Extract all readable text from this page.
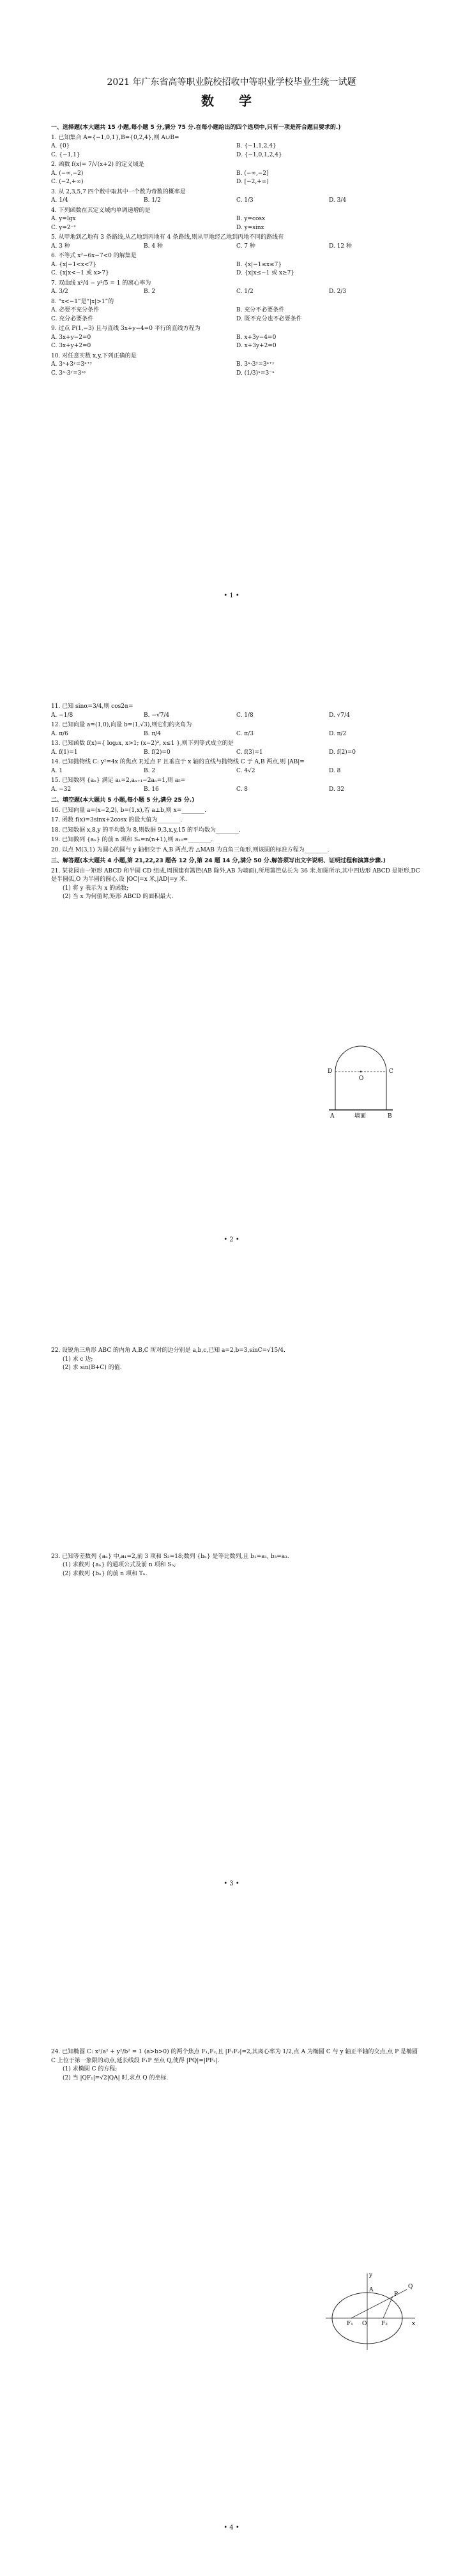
2021 年广东省高等职业院校招收中等职业学校毕业生统一试题
数 学
一、选择题(本大题共 15 小题,每小题 5 分,满分 75 分.在每小题给出的四个选项中,只有一项是符合题目要求的.)
1. 已知集合 A={−1,0,1},B={0,2,4},则 A∪B=
A. {0}	B. {−1,1,2,4}
C. {−1,1}	D. {−1,0,1,2,4}
2. 函数 f(x)= 7/√(x+2) 的定义域是
A. (−∞,−2)	B. (−∞,−2]
C. (−2,+∞)	D. [−2,+∞)
3. 从 2,3,5,7 四个数中取其中一个数为奇数的概率是
A. 1/4	B. 1/2	C. 1/3	D. 3/4
4. 下列函数在其定义域内单调递增的是
A. y=lgx	B. y=cosx
C. y=2⁻ˣ	D. y=sinx
5. 从甲地到乙地有 3 条路线,从乙地到丙地有 4 条路线,则从甲地经乙地到丙地不同的路线有
A. 3 种	B. 4 种	C. 7 种	D. 12 种
6. 不等式 x²−6x−7<0 的解集是
A. {x|−1<x<7}	B. {x|−1≤x≤7}
C. {x|x<−1 或 x>7}	D. {x|x≤−1 或 x≥7}
7. 双曲线 x²/4 − y²/5 = 1 的离心率为
A. 3/2	B. 2	C. 1/2	D. 2/3
8. “x<−1”是“|x|>1”的
A. 必要不充分条件	B. 充分不必要条件
C. 充分必要条件	D. 既不充分也不必要条件
9. 过点 P(1,−3) 且与直线 3x+y−4=0 平行的直线方程为
A. 3x+y−2=0	B. x+3y−4=0
C. 3x+y+2=0	D. x+3y+2=0
10. 对任意实数 x,y,下列正确的是
A. 3ˣ+3ʸ=3ˣ⁺ʸ	B. 3ˣ·3ʸ=3ˣ⁺ʸ
C. 3ˣ·3ʸ=3ˣʸ	D. (1/3)ˣ=3⁻ˣ
• 1 •
11. 已知 sinα=3/4,则 cos2α=
A. −1/8	B. −√7/4	C. 1/8	D. √7/4
12. 已知向量 a=(1,0),向量 b=(1,√3),则它们的夹角为
A. π/6	B. π/4	C. π/3	D. π/2
13. 已知函数 f(x)={ log₂x, x>1; (x−2)², x≤1 },则下列等式成立的是
A. f(1)=1	B. f(2)=0	C. f(3)=1	D. f(2)=0
14. 已知抛物线 C: y²=4x 的焦点 F,过点 F 且垂直于 x 轴的直线与抛物线 C 于 A,B 两点,则 |AB|=
A. 1	B. 2	C. 4√2	D. 8
15. 已知数列 {aₙ} 满足 a₁=2,aₙ₊₁−2aₙ=1,则 a₅=
A. −32	B. 16	C. 8	D. 32
二、填空题(本大题共 5 小题,每小题 5 分,满分 25 分.)
16. 已知向量 a=(x−2,2), b=(1,x),若 a⊥b,则 x=________.
17. 函数 f(x)=3sinx+2cosx 的最大值为________.
18. 已知数据 x,8,y 的平均数为 8,则数据 9,3,x,y,15 的平均数为________.
19. 已知数列 {aₙ} 的前 n 项和 Sₙ=n(n+1),则 a₁₀=________.
20. 以点 M(3,1) 为圆心的圆与 y 轴相交于 A,B 两点,若 △MAB 为直角三角形,则该圆的标准方程为________.
三、解答题(本大题共 4 小题,第 21,22,23 题各 12 分,第 24 题 14 分,满分 50 分.解答须写出文字说明、证明过程和演算步骤.)
21. 某花园由一矩形 ABCD 和半圆 CD 组成,周围建有篱笆(AB 除外,AB 为墙面),所用篱笆总长为 36 米.如图所示,其中四边形 ABCD 是矩形,DC 是半圆弧,O 为半圆的圆心,设 |OC|=x 米,|AD|=y 米.
(1) 将 y 表示为 x 的函数;
(2) 当 x 为何值时,矩形 ABCD 的面积最大.
D	C
O
A	B
墙面
• 2 •
22. 设锐角三角形 ABC 的内角 A,B,C 所对的边分别是 a,b,c,已知 a=2,b=3,sinC=√15/4.
(1) 求 c 边;
(2) 求 sin(B+C) 的值.
23. 已知等差数列 {aₙ} 中,a₁=2,前 3 项和 S₃=18;数列 {bₙ} 是等比数列,且 b₁=a₁, b₃=a₃.
(1) 求数列 {aₙ} 的通项公式及前 n 项和 Sₙ;
(2) 求数列 {bₙ} 的前 n 项和 Tₙ.
• 3 •
24. 已知椭圆 C: x²/a² + y²/b² = 1 (a>b>0) 的两个焦点 F₁,F₂,且 |F₁F₂|=2,其离心率为 1/2,点 A 为椭圆 C 与 y 轴正半轴的交点,点 P 是椭圆 C 上位于第一象限的动点,延长线段 F₁P 至点 Q,使得 |PQ|=|PF₂|.
(1) 求椭圆 C 的方程;
(2) 当 |QF₁|=√2|QA| 时,求点 Q 的坐标.
y
x
A
P
Q
F₁	F₂
O
• 4 •
